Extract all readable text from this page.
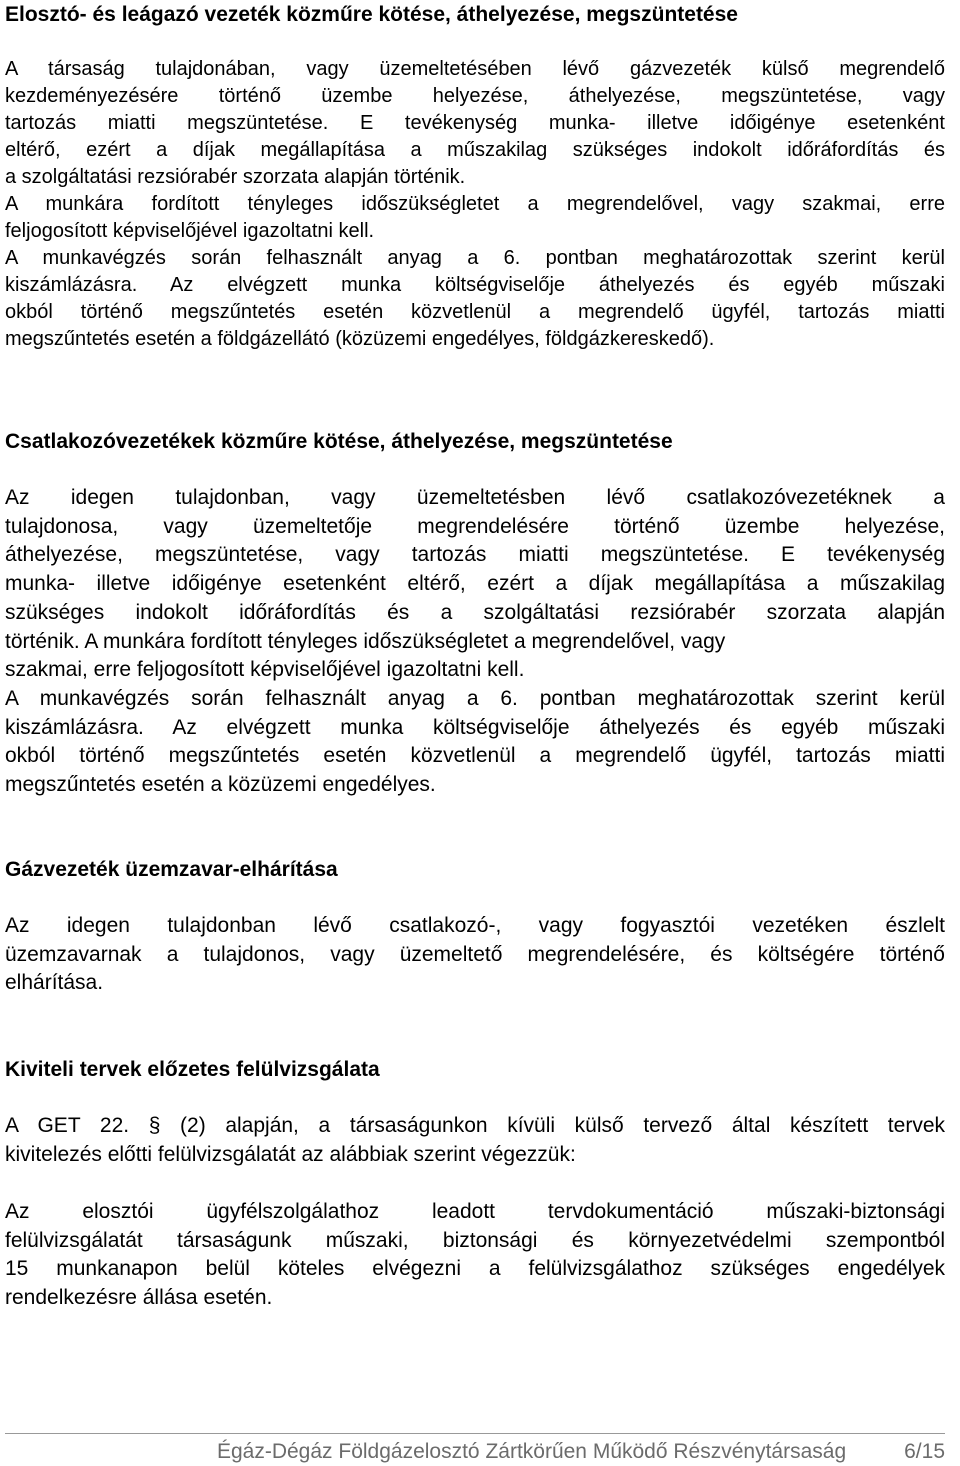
Elosztó- és leágazó vezeték közműre kötése, áthelyezése, megszüntetése
A társaság tulajdonában, vagy üzemeltetésében lévő gázvezeték külső megrendelő
kezdeményezésére történő üzembe helyezése, áthelyezése, megszüntetése, vagy
tartozás miatti megszüntetése. E tevékenység munka- illetve időigénye esetenként
eltérő, ezért a díjak megállapítása a műszakilag szükséges indokolt időráfordítás és
a szolgáltatási rezsiórabér szorzata alapján történik.
A munkára fordított tényleges időszükségletet a megrendelővel, vagy szakmai, erre
feljogosított képviselőjével igazoltatni kell.
A munkavégzés során felhasznált anyag a 6. pontban meghatározottak szerint kerül
kiszámlázásra. Az elvégzett munka költségviselője áthelyezés és egyéb műszaki
okból történő megszűntetés esetén közvetlenül a megrendelő ügyfél, tartozás miatti
megszűntetés esetén a földgázellátó (közüzemi engedélyes, földgázkereskedő).
Csatlakozóvezetékek közműre kötése, áthelyezése, megszüntetése
Az idegen tulajdonban, vagy üzemeltetésben lévő csatlakozóvezetéknek a
tulajdonosa, vagy üzemeltetője megrendelésére történő üzembe helyezése,
áthelyezése, megszüntetése, vagy tartozás miatti megszüntetése. E tevékenység
munka- illetve időigénye esetenként eltérő, ezért a díjak megállapítása a műszakilag
szükséges indokolt időráfordítás és a szolgáltatási rezsiórabér szorzata alapján
történik. A munkára fordított tényleges időszükségletet a megrendelővel, vagy
szakmai, erre feljogosított képviselőjével igazoltatni kell.
A munkavégzés során felhasznált anyag a 6. pontban meghatározottak szerint kerül
kiszámlázásra. Az elvégzett munka költségviselője áthelyezés és egyéb műszaki
okból történő megszűntetés esetén közvetlenül a megrendelő ügyfél, tartozás miatti
megszűntetés esetén a közüzemi engedélyes.
Gázvezeték üzemzavar-elhárítása
Az idegen tulajdonban lévő csatlakozó-, vagy fogyasztói vezetéken észlelt
üzemzavarnak a tulajdonos, vagy üzemeltető megrendelésére, és költségére történő
elhárítása.
Kiviteli tervek előzetes felülvizsgálata
A GET 22. § (2) alapján, a társaságunkon kívüli külső tervező által készített tervek
kivitelezés előtti felülvizsgálatát az alábbiak szerint végezzük:
Az elosztói ügyfélszolgálathoz leadott tervdokumentáció műszaki-biztonsági
felülvizsgálatát társaságunk műszaki, biztonsági és környezetvédelmi szempontból
15 munkanapon belül köteles elvégezni a felülvizsgálathoz szükséges engedélyek
rendelkezésre állása esetén.
Égáz-Dégáz Földgázelosztó Zártkörűen Működő Részvénytársaság	6/15
